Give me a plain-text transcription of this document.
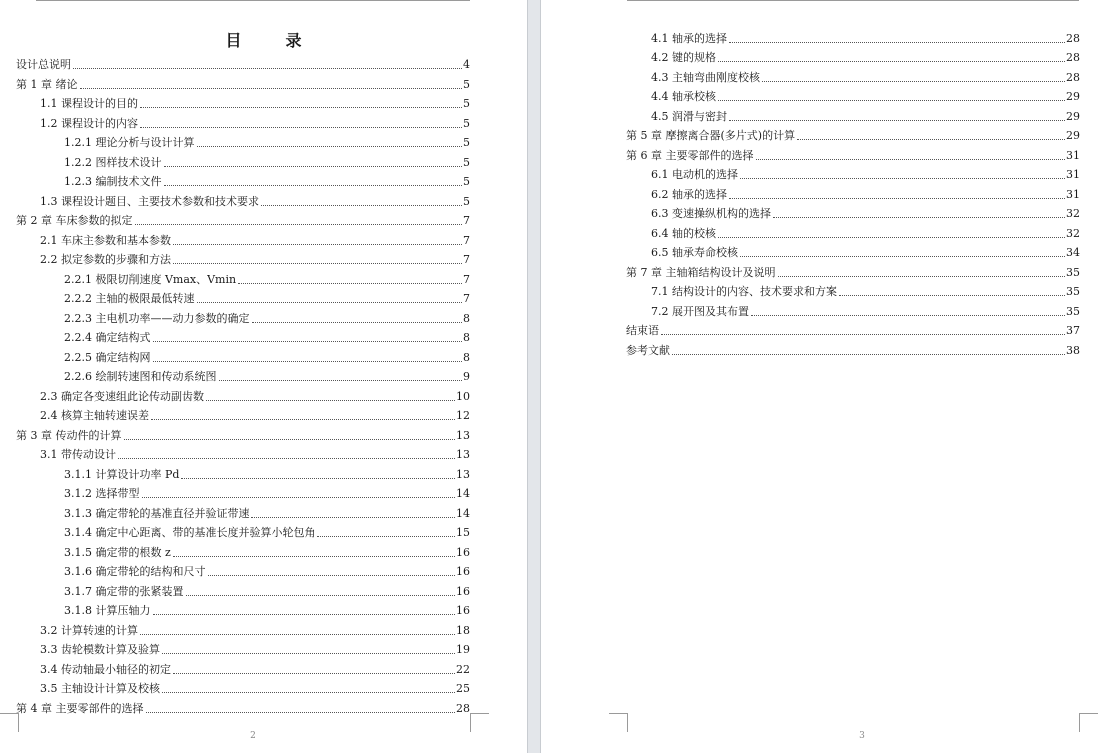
目　录
设计总说明	4
第 1 章 绪论	5
1.1 课程设计的目的	5
1.2 课程设计的内容	5
1.2.1 理论分析与设计计算	5
1.2.2 图样技术设计	5
1.2.3 编制技术文件	5
1.3 课程设计题目、主要技术参数和技术要求	5
第 2 章 车床参数的拟定	7
2.1 车床主参数和基本参数	7
2.2 拟定参数的步骤和方法	7
2.2.1 极限切削速度 Vmax、Vmin	7
2.2.2 主轴的极限最低转速	7
2.2.3 主电机功率——动力参数的确定	8
2.2.4 确定结构式	8
2.2.5 确定结构网	8
2.2.6 绘制转速图和传动系统图	9
2.3 确定各变速组此论传动副齿数	10
2.4 核算主轴转速误差	12
第 3 章 传动件的计算	13
3.1 带传动设计	13
3.1.1 计算设计功率 Pd	13
3.1.2 选择带型	14
3.1.3 确定带轮的基准直径并验证带速	14
3.1.4 确定中心距离、带的基准长度并验算小轮包角	15
3.1.5 确定带的根数 z	16
3.1.6 确定带轮的结构和尺寸	16
3.1.7 确定带的张紧装置	16
3.1.8 计算压轴力	16
3.2 计算转速的计算	18
3.3 齿轮模数计算及验算	19
3.4 传动轴最小轴径的初定	22
3.5 主轴设计计算及校核	25
第 4 章 主要零部件的选择	28
2
4.1 轴承的选择	28
4.2 键的规格	28
4.3 主轴弯曲刚度校核	28
4.4 轴承校核	29
4.5 润滑与密封	29
第 5 章 摩擦离合器(多片式)的计算	29
第 6 章 主要零部件的选择	31
6.1 电动机的选择	31
6.2 轴承的选择	31
6.3 变速操纵机构的选择	32
6.4 轴的校核	32
6.5 轴承寿命校核	34
第 7 章 主轴箱结构设计及说明	35
7.1 结构设计的内容、技术要求和方案	35
7.2 展开图及其布置	35
结束语	37
参考文献	38
3
